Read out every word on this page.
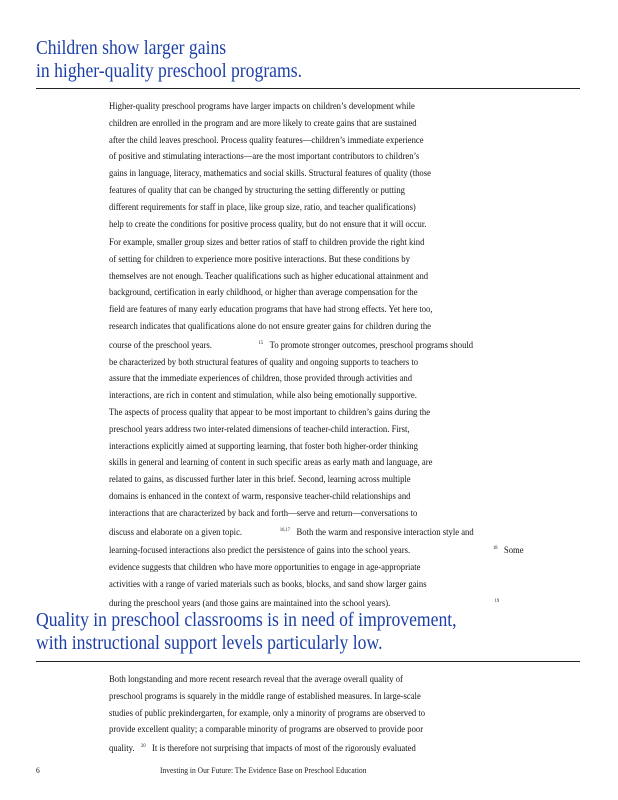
Children show larger gains
in higher-quality preschool programs.

Higher-quality preschool programs have larger impacts on children’s development while
children are enrolled in the program and are more likely to create gains that are sustained
after the child leaves preschool. Process quality features—children’s immediate experience
of positive and stimulating interactions—are the most important contributors to children’s
gains in language, literacy, mathematics and social skills. Structural features of quality (those
features of quality that can be changed by structuring the setting differently or putting
different requirements for staff in place, like group size, ratio, and teacher qualifications)
help to create the conditions for positive process quality, but do not ensure that it will occur.

For example, smaller group sizes and better ratios of staff to children provide the right kind
of setting for children to experience more positive interactions. But these conditions by
themselves are not enough. Teacher qualifications such as higher educational attainment and
background, certification in early childhood, or higher than average compensation for the
field are features of many early education programs that have had strong effects. Yet here too,
research indicates that qualifications alone do not ensure greater gains for children during the
course of the preschool years.	$^{15}$ To promote stronger outcomes, preschool programs should
be characterized by both structural features of quality and ongoing supports to teachers to
assure that the immediate experiences of children, those provided through activities and
interactions, are rich in content and stimulation, while also being emotionally supportive.

The aspects of process quality that appear to be most important to children’s gains during the
preschool years address two inter-related dimensions of teacher-child interaction. First,
interactions explicitly aimed at supporting learning, that foster both higher-order thinking
skills in general and learning of content in such specific areas as early math and language, are
related to gains, as discussed further later in this brief. Second, learning across multiple
domains is enhanced in the context of warm, responsive teacher-child relationships and
interactions that are characterized by back and forth—serve and return—conversations to
discuss and elaborate on a given topic.	$^{16,17}$ Both the warm and responsive interaction style and
learning-focused interactions also predict the persistence of gains into the school years.	$^{18}$ Some
evidence suggests that children who have more opportunities to engage in age-appropriate
activities with a range of varied materials such as books, blocks, and sand show larger gains
during the preschool years (and those gains are maintained into the school years).	$^{19}$

Quality in preschool classrooms is in need of improvement,
with instructional support levels particularly low.

Both longstanding and more recent research reveal that the average overall quality of
preschool programs is squarely in the middle range of established measures. In large-scale
studies of public prekindergarten, for example, only a minority of programs are observed to
provide excellent quality; a comparable minority of programs are observed to provide poor
quality. $^{20}$ It is therefore not surprising that impacts of most of the rigorously evaluated

6	Investing in Our Future: The Evidence Base on Preschool Education
